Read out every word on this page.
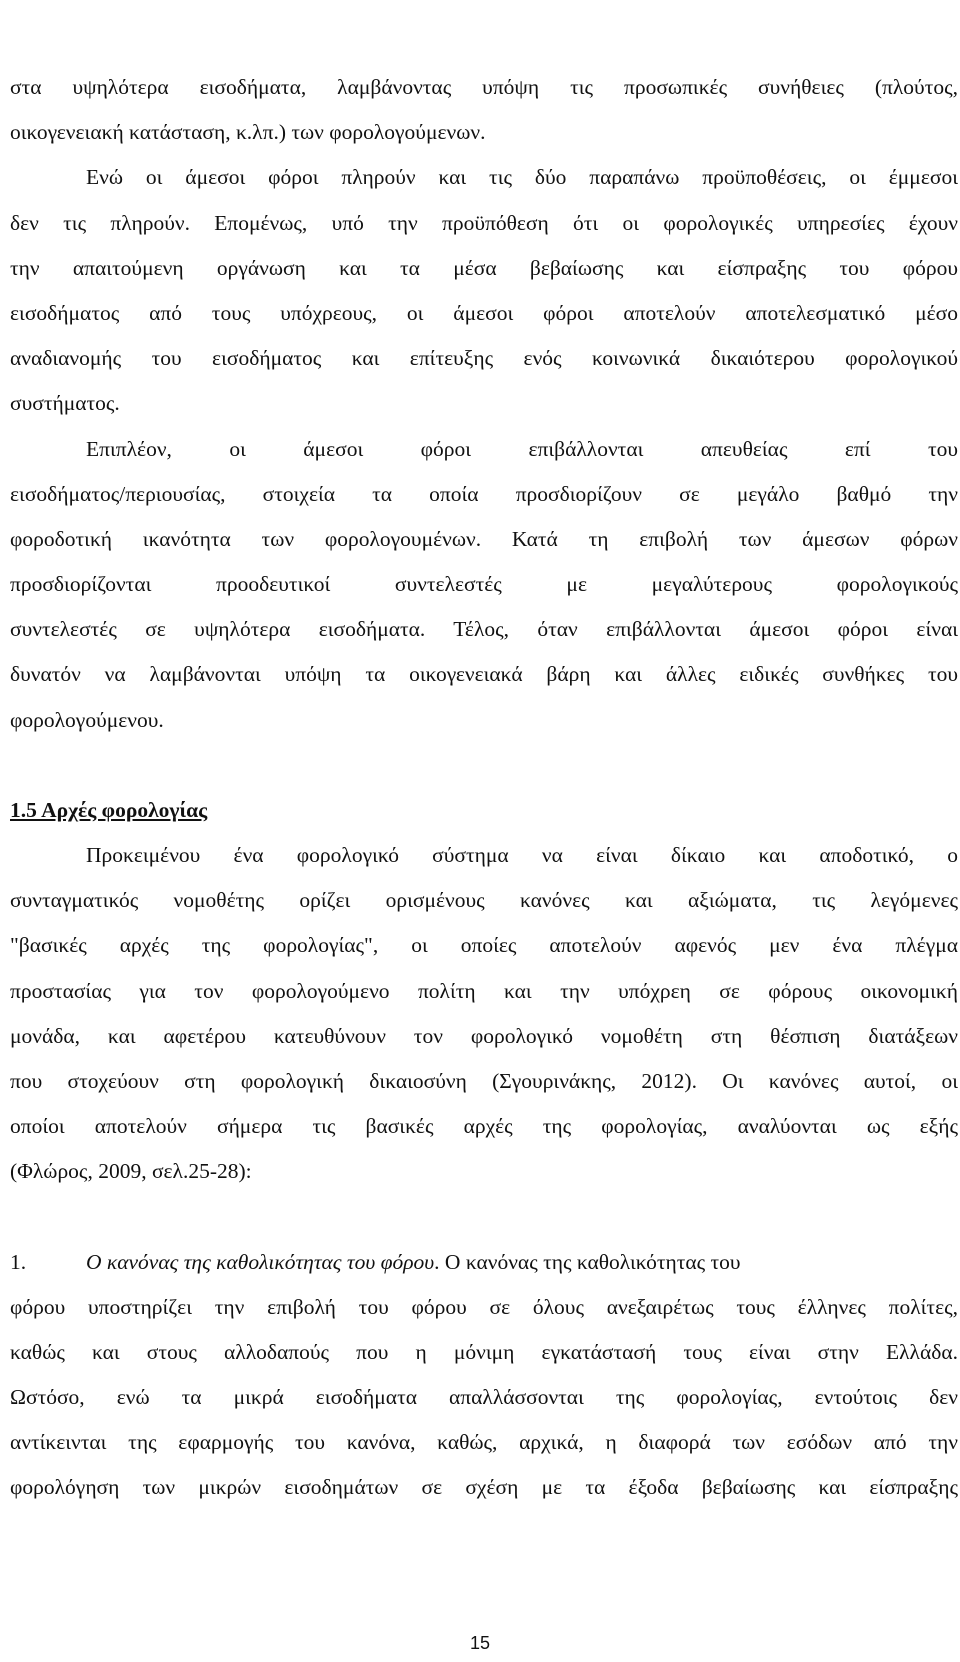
στα υψηλότερα εισοδήματα, λαμβάνοντας υπόψη τις προσωπικές συνήθειες (πλούτος,
οικογενειακή κατάσταση, κ.λπ.) των φορολογούμενων.
Ενώ οι άμεσοι φόροι πληρούν και τις δύο παραπάνω προϋποθέσεις, οι έμμεσοι
δεν τις πληρούν. Επομένως, υπό την προϋπόθεση ότι οι φορολογικές υπηρεσίες έχουν
την απαιτούμενη οργάνωση και τα μέσα βεβαίωσης και είσπραξης του φόρου
εισοδήματος από τους υπόχρεους, οι άμεσοι φόροι αποτελούν αποτελεσματικό μέσο
αναδιανομής του εισοδήματος και επίτευξης ενός κοινωνικά δικαιότερου φορολογικού
συστήματος.
Επιπλέον, οι άμεσοι φόροι επιβάλλονται απευθείας επί του
εισοδήματος/περιουσίας, στοιχεία τα οποία προσδιορίζουν σε μεγάλο βαθμό την
φοροδοτική ικανότητα των φορολογουμένων. Κατά τη επιβολή των άμεσων φόρων
προσδιορίζονται προοδευτικοί συντελεστές με μεγαλύτερους φορολογικούς
συντελεστές σε υψηλότερα εισοδήματα. Τέλος, όταν επιβάλλονται άμεσοι φόροι είναι
δυνατόν να λαμβάνονται υπόψη τα οικογενειακά βάρη και άλλες ειδικές συνθήκες του
φορολογούμενου.
1.5 Αρχές φορολογίας
Προκειμένου ένα φορολογικό σύστημα να είναι δίκαιο και αποδοτικό, ο
συνταγματικός νομοθέτης ορίζει ορισμένους κανόνες και αξιώματα, τις λεγόμενες
"βασικές αρχές της φορολογίας", οι οποίες αποτελούν αφενός μεν ένα πλέγμα
προστασίας για τον φορολογούμενο πολίτη και την υπόχρεη σε φόρους οικονομική
μονάδα, και αφετέρου κατευθύνουν τον φορολογικό νομοθέτη στη θέσπιση διατάξεων
που στοχεύουν στη φορολογική δικαιοσύνη (Σγουρινάκης, 2012). Οι κανόνες αυτοί, οι
οποίοι αποτελούν σήμερα τις βασικές αρχές της φορολογίας, αναλύονται ως εξής
(Φλώρος, 2009, σελ.25-28):
1.	Ο κανόνας της καθολικότητας του φόρου. Ο κανόνας της καθολικότητας του
φόρου υποστηρίζει την επιβολή του φόρου σε όλους ανεξαιρέτως τους έλληνες πολίτες,
καθώς και στους αλλοδαπούς που η μόνιμη εγκατάστασή τους είναι στην Ελλάδα.
Ωστόσο, ενώ τα μικρά εισοδήματα απαλλάσσονται της φορολογίας, εντούτοις δεν
αντίκεινται της εφαρμογής του κανόνα, καθώς, αρχικά, η διαφορά των εσόδων από την
φορολόγηση των μικρών εισοδημάτων σε σχέση με τα έξοδα βεβαίωσης και είσπραξης
15
